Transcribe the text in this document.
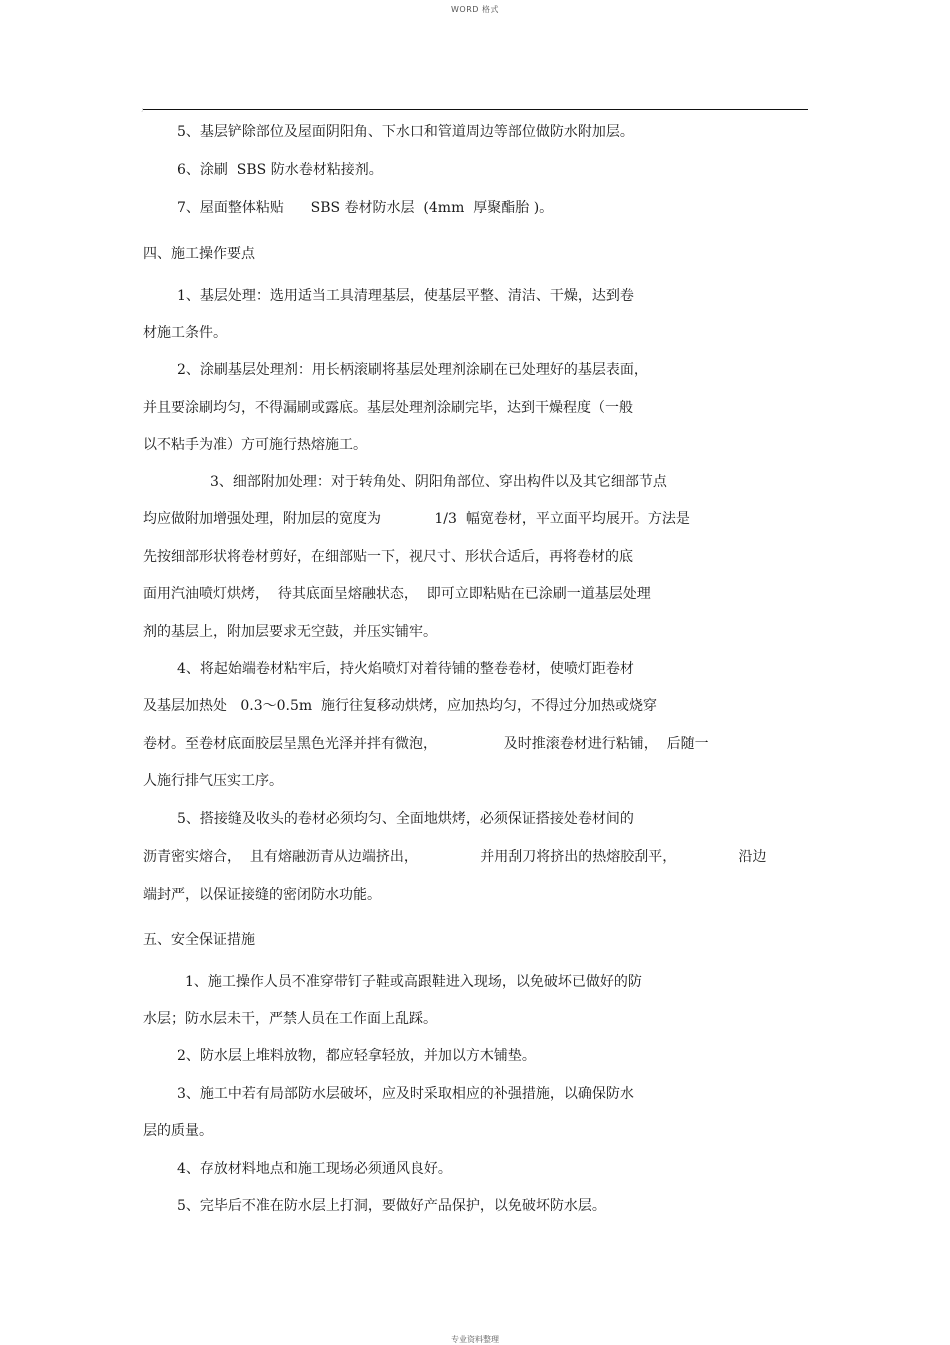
WORD 格式
」
5、基层铲除部位及屋面阴阳角、下水口和管道周边等部位做防水附加层。
6、涂刷  SBS 防水卷材粘接剂。
7、屋面整体粘贴      SBS 卷材防水层  (4mm  厚聚酯胎 )。
四、施工操作要点
1、基层处理：选用适当工具清理基层，使基层平整、清洁、干燥，达到卷
材施工条件。
2、涂刷基层处理剂：用长柄滚刷将基层处理剂涂刷在已处理好的基层表面，
并且要涂刷均匀，不得漏刷或露底。基层处理剂涂刷完毕，达到干燥程度（一般
以不粘手为准）方可施行热熔施工。
3、细部附加处理：对于转角处、阴阳角部位、穿出构件以及其它细部节点
均应做附加增强处理，附加层的宽度为            1/3  幅宽卷材，平立面平均展开。方法是
先按细部形状将卷材剪好，在细部贴一下，视尺寸、形状合适后，再将卷材的底
面用汽油喷灯烘烤，  待其底面呈熔融状态，  即可立即粘贴在已涂刷一道基层处理
剂的基层上，附加层要求无空鼓，并压实铺牢。
4、将起始端卷材粘牢后，持火焰喷灯对着待铺的整卷卷材，使喷灯距卷材
及基层加热处   0.3～0.5m  施行往复移动烘烤，应加热均匀，不得过分加热或烧穿
卷材。至卷材底面胶层呈黑色光泽并拌有微泡，               及时推滚卷材进行粘铺，  后随一
人施行排气压实工序。
5、搭接缝及收头的卷材必须均匀、全面地烘烤，必须保证搭接处卷材间的
沥青密实熔合，  且有熔融沥青从边端挤出，              并用刮刀将挤出的热熔胶刮平，              沿边
端封严，以保证接缝的密闭防水功能。
五、安全保证措施
1、施工操作人员不准穿带钉子鞋或高跟鞋进入现场，以免破坏已做好的防
水层；防水层未干，严禁人员在工作面上乱踩。
2、防水层上堆料放物，都应轻拿轻放，并加以方木铺垫。
3、施工中若有局部防水层破坏，应及时采取相应的补强措施，以确保防水
层的质量。
4、存放材料地点和施工现场必须通风良好。
5、完毕后不准在防水层上打洞，要做好产品保护，以免破坏防水层。
专业资料整理
